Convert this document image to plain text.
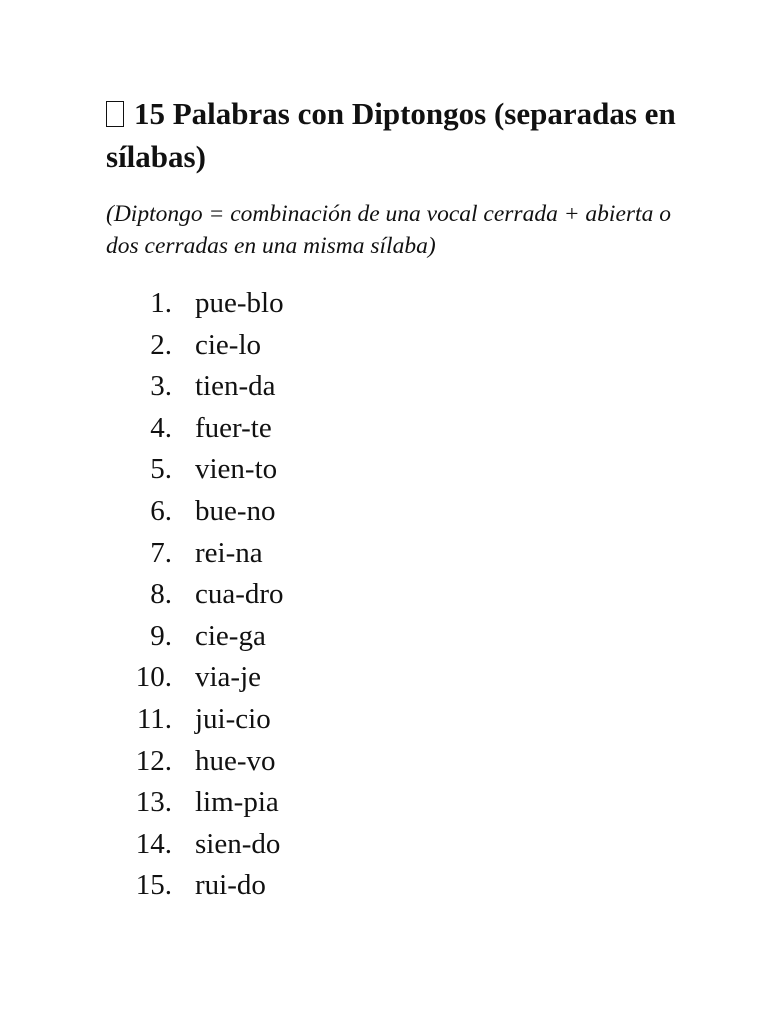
15 Palabras con Diptongos (separadas en sílabas)

(Diptongo = combinación de una vocal cerrada + abierta o dos cerradas en una misma sílaba)

1. pue-blo
2. cie-lo
3. tien-da
4. fuer-te
5. vien-to
6. bue-no
7. rei-na
8. cua-dro
9. cie-ga
10. via-je
11. jui-cio
12. hue-vo
13. lim-pia
14. sien-do
15. rui-do
